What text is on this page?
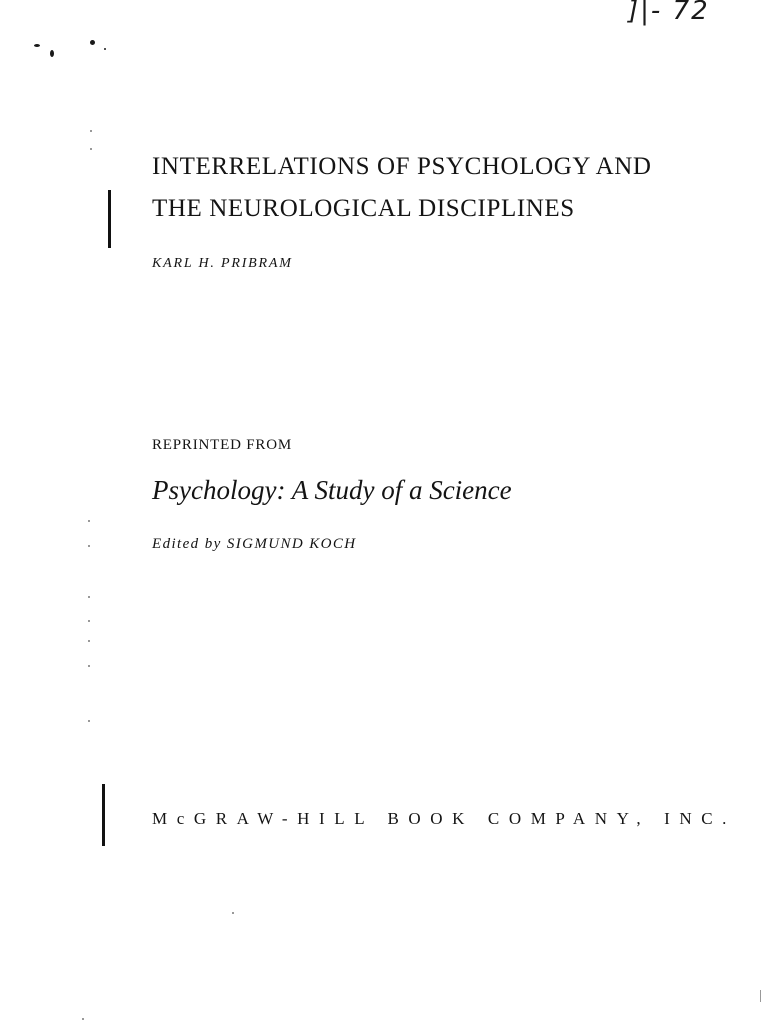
]|- 72
INTERRELATIONS OF PSYCHOLOGY AND
THE NEUROLOGICAL DISCIPLINES
KARL H. PRIBRAM
REPRINTED FROM
Psychology: A Study of a Science
Edited by SIGMUND KOCH
McGRAW-HILL BOOK COMPANY, INC.
